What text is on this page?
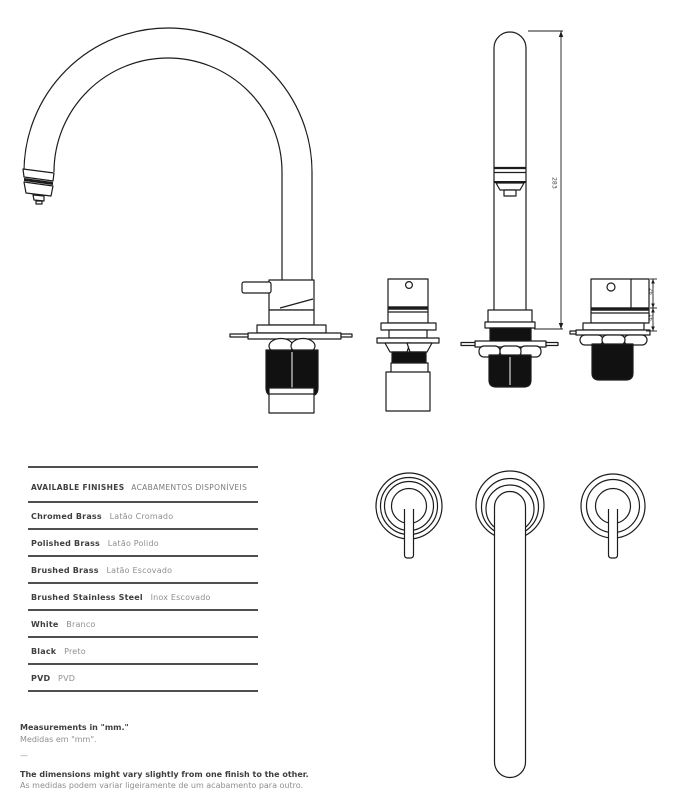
283
26
16
AVAILABLE FINISHES ACABAMENTOS DISPONÍVEIS
Chromed Brass Latão Cromado
Polished Brass Latão Polido
Brushed Brass Latão Escovado
Brushed Stainless Steel Inox Escovado
White Branco
Black Preto
PVD PVD
Measurements in "mm."
Medidas em "mm".
—
The dimensions might vary slightly from one finish to the other.
As medidas podem variar ligeiramente de um acabamento para outro.
